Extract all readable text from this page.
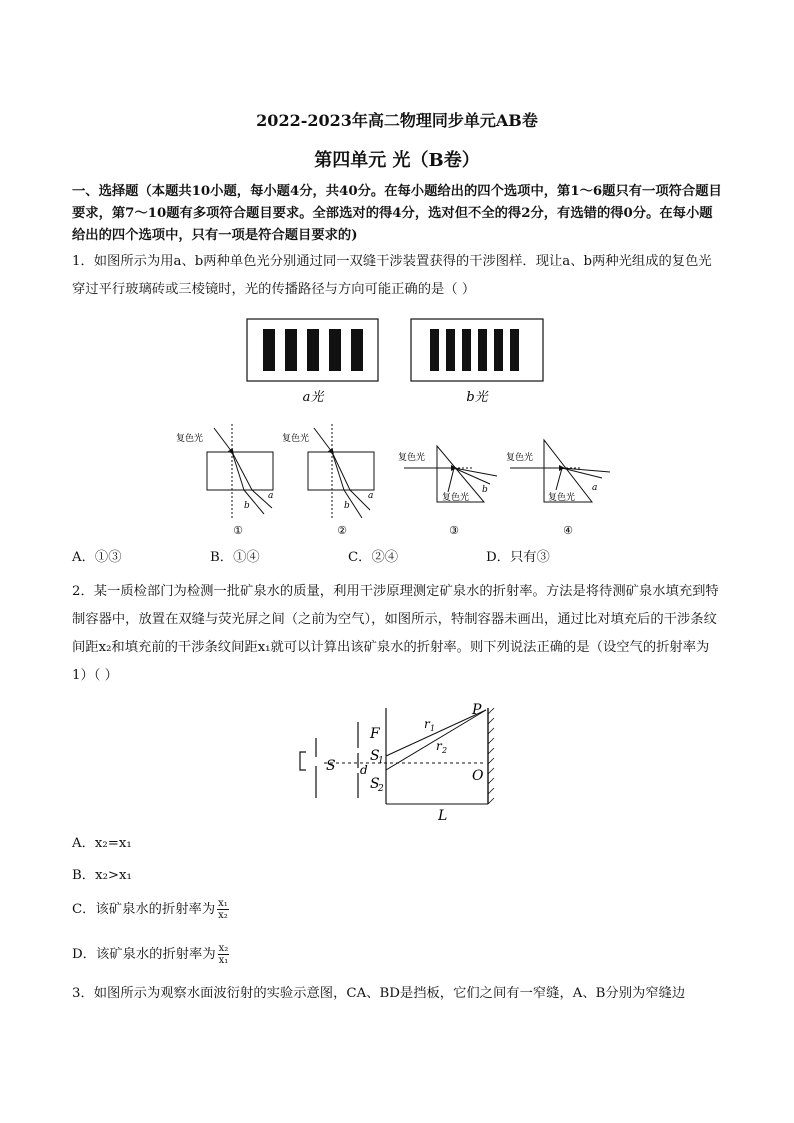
2022-2023年高二物理同步单元AB卷
第四单元 光（B卷）
一、选择题（本题共10小题，每小题4分，共40分。在每小题给出的四个选项中，第1～6题只有一项符合题目要求，第7～10题有多项符合题目要求。全部选对的得4分，选对但不全的得2分，有选错的得0分。在每小题给出的四个选项中，只有一项是符合题目要求的)
1．如图所示为用a、b两种单色光分别通过同一双缝干涉装置获得的干涉图样．现让a、b两种光组成的复色光穿过平行玻璃砖或三棱镜时，光的传播路径与方向可能正确的是（ ）
a光	b光
复色光
a
b
①
复色光
a
b
②
复色光
复色光
b
③
复色光
复色光
a
④
A．①③	B．①④	C．②④	D．只有③
2．某一质检部门为检测一批矿泉水的质量，利用干涉原理测定矿泉水的折射率。方法是将待测矿泉水填充到特制容器中，放置在双缝与荧光屏之间（之前为空气），如图所示，特制容器未画出，通过比对填充后的干涉条纹间距x₂和填充前的干涉条纹间距x₁就可以计算出该矿泉水的折射率。则下列说法正确的是（设空气的折射率为1）（ ）
S
F
S
1
S
2
d
P
O
L
r 1
r 2
A．x₂=x₁
B．x₂>x₁
C．该矿泉水的折射率为 $\frac{\text{x₁}}{\text{x₂}}$
D．该矿泉水的折射率为 $\frac{\text{x₂}}{\text{x₁}}$
3．如图所示为观察水面波衍射的实验示意图，CA、BD是挡板，它们之间有一窄缝，A、B分别为窄缝边
